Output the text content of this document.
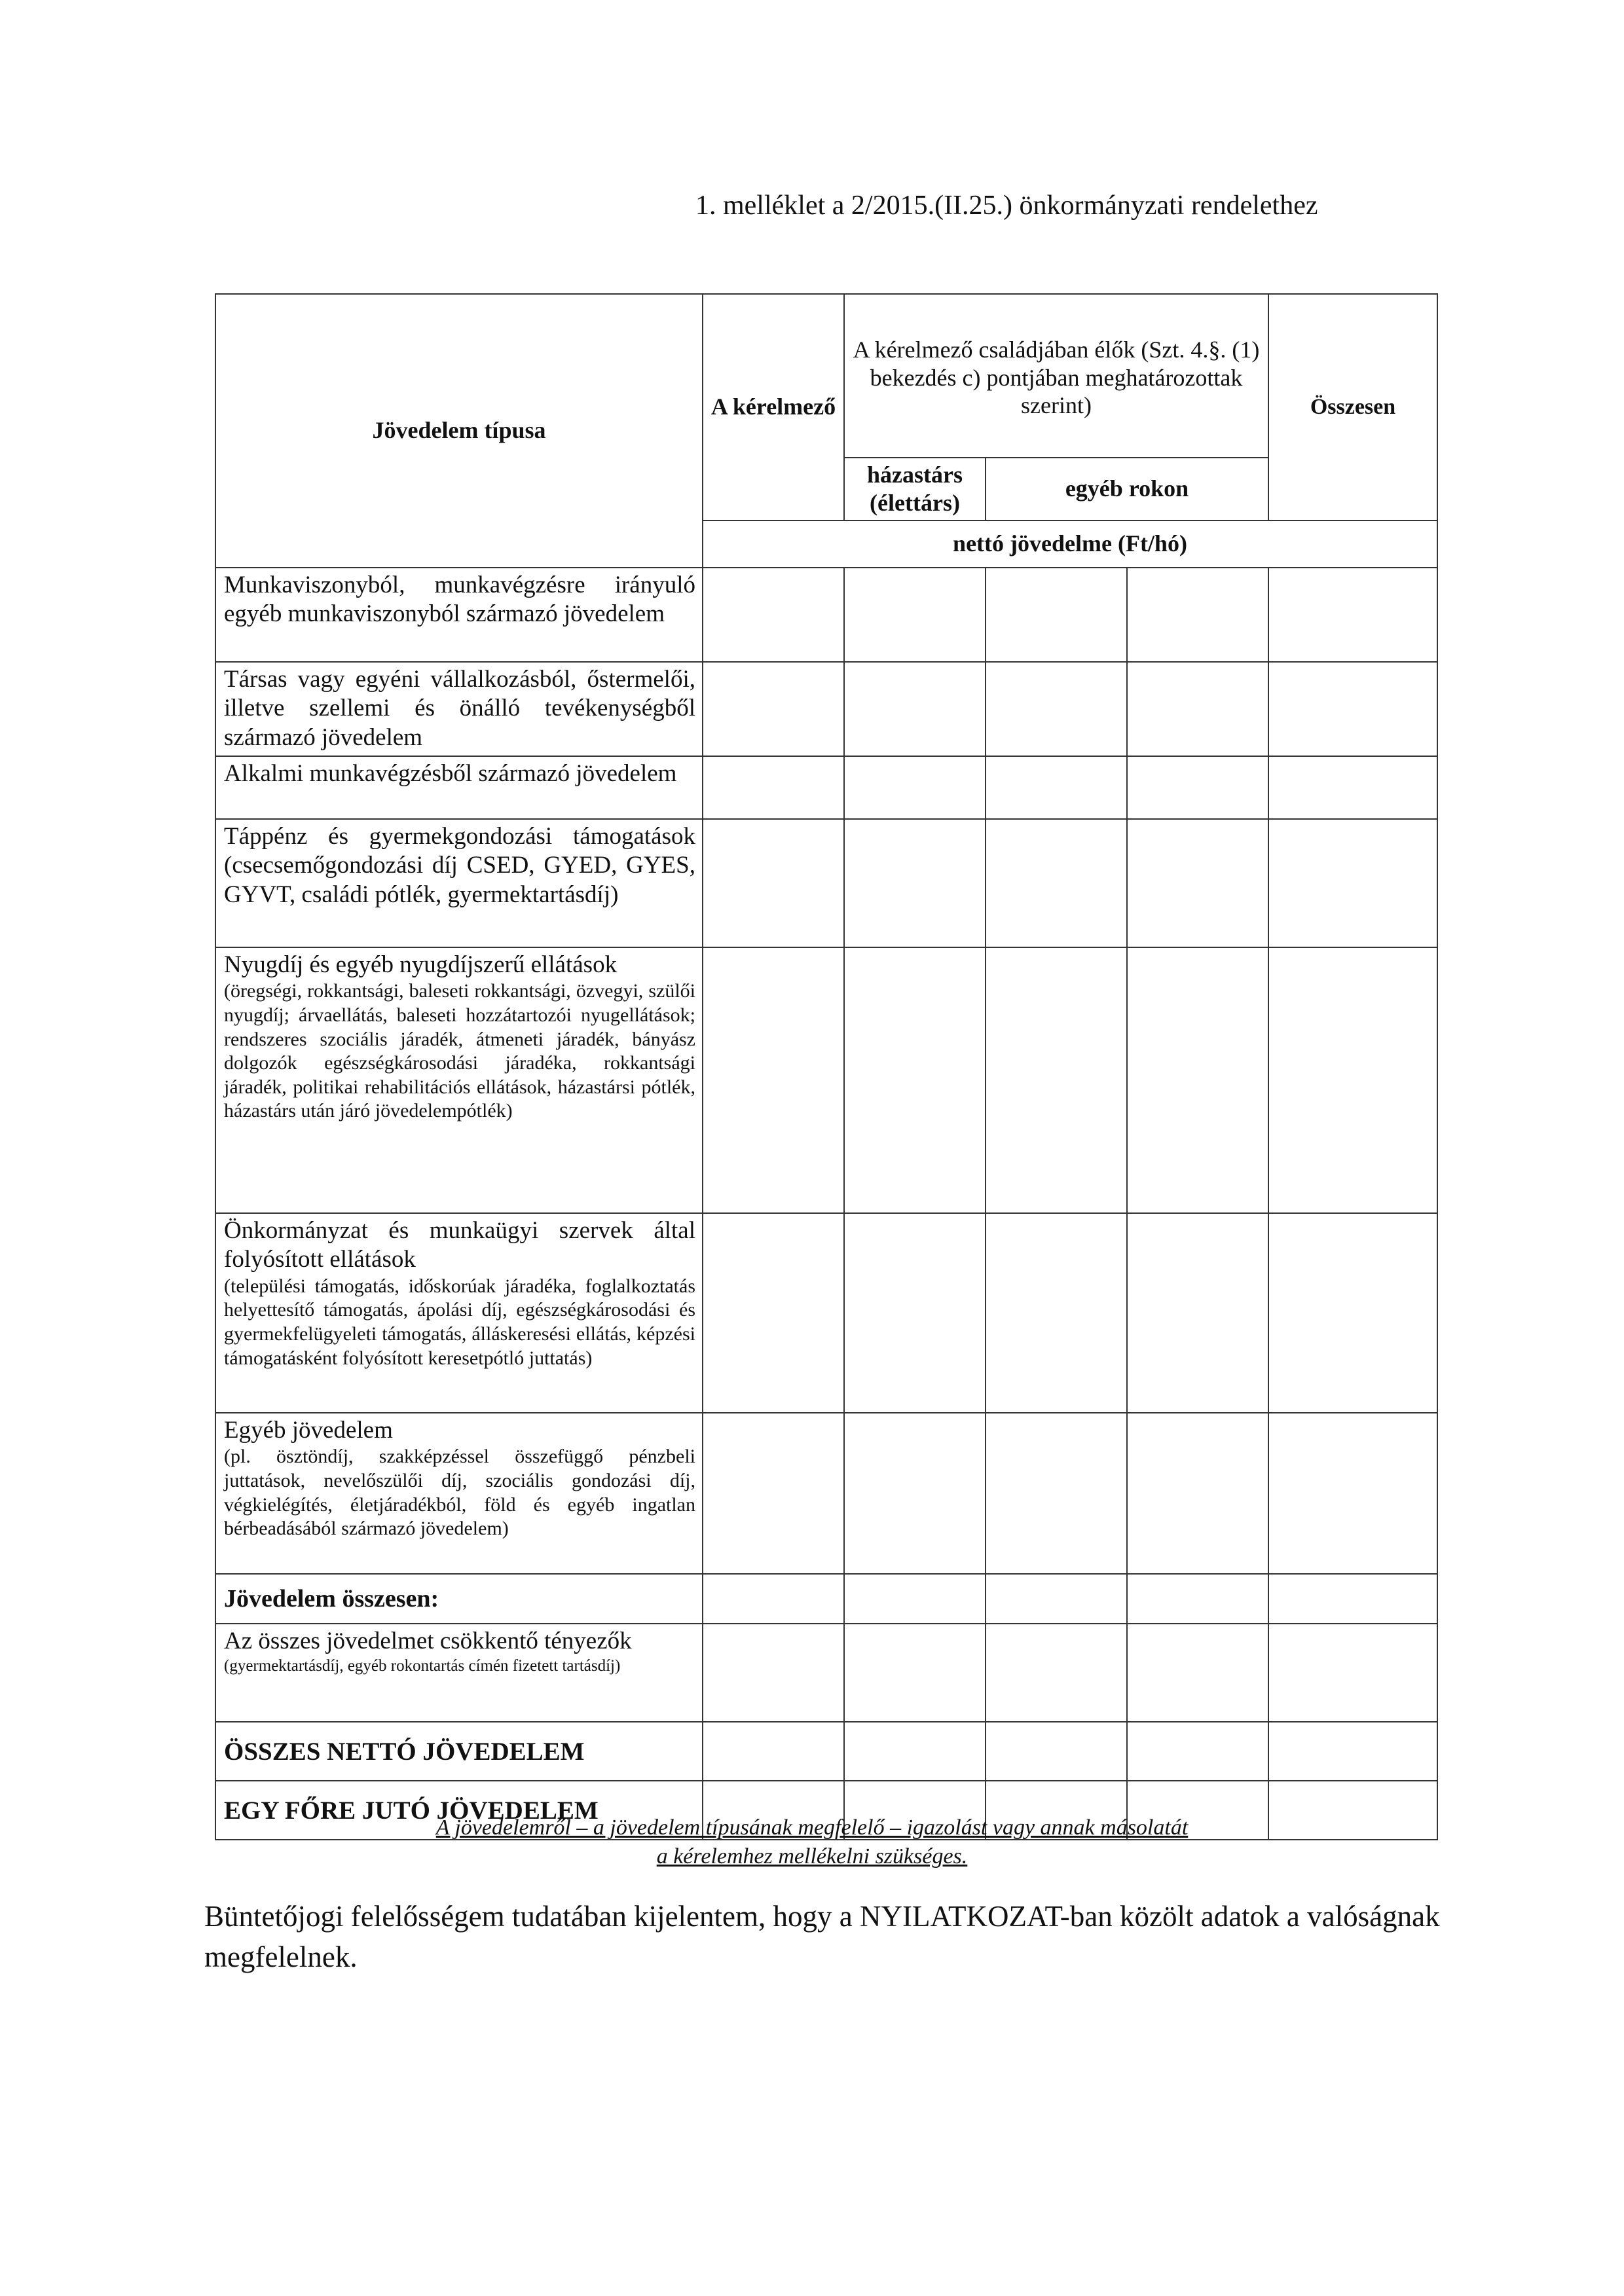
1. melléklet a 2/2015.(II.25.) önkormányzati rendelethez
Jövedelem típusa	A kérelmező	A kérelmező családjában élők (Szt. 4.§. (1) bekezdés c) pontjában meghatározottak szerint)			Összesen
		házastárs (élettárs)	egyéb rokon		

	nettó jövedelme (Ft/hó)				

Munkaviszonyból, munkavégzésre irányuló egyéb munkaviszonyból származó jövedelem					

Társas vagy egyéni vállalkozásból, őstermelői, illetve szellemi és önálló tevékenységből származó jövedelem					

Alkalmi munkavégzésből származó jövedelem					

Táppénz és gyermekgondozási támogatások (csecsemőgondozási díj CSED, GYED, GYES, GYVT, családi pótlék, gyermektartásdíj)					

Nyugdíj és egyéb nyugdíjszerű ellátások
(öregségi, rokkantsági, baleseti rokkantsági, özvegyi, szülői nyugdíj; árvaellátás, baleseti hozzátartozói nyugellátások; rendszeres szociális járadék, átmeneti járadék, bányász dolgozók egészségkárosodási járadéka, rokkantsági járadék, politikai rehabilitációs ellátások, házastársi pótlék, házastárs után járó jövedelempótlék)					

Önkormányzat és munkaügyi szervek által folyósított ellátások
(települési támogatás, időskorúak járadéka, foglalkoztatás helyettesítő támogatás, ápolási díj, egészségkárosodási és gyermekfelügyeleti támogatás, álláskeresési ellátás, képzési támogatásként folyósított keresetpótló juttatás)					

Egyéb jövedelem
(pl. ösztöndíj, szakképzéssel összefüggő pénzbeli juttatások, nevelőszülői díj, szociális gondozási díj, végkielégítés, életjáradékból, föld és egyéb ingatlan bérbeadásából származó jövedelem)					

Jövedelem összesen:					

Az összes jövedelmet csökkentő tényezők
(gyermektartásdíj, egyéb rokontartás címén fizetett tartásdíj)					

ÖSSZES NETTÓ JÖVEDELEM					
EGY FŐRE JUTÓ JÖVEDELEM					
A jövedelemről – a jövedelem típusának megfelelő – igazolást vagy annak másolatát
a kérelemhez mellékelni szükséges.
Büntetőjogi felelősségem tudatában kijelentem, hogy a NYILATKOZAT-ban közölt adatok a valóságnak megfelelnek.
